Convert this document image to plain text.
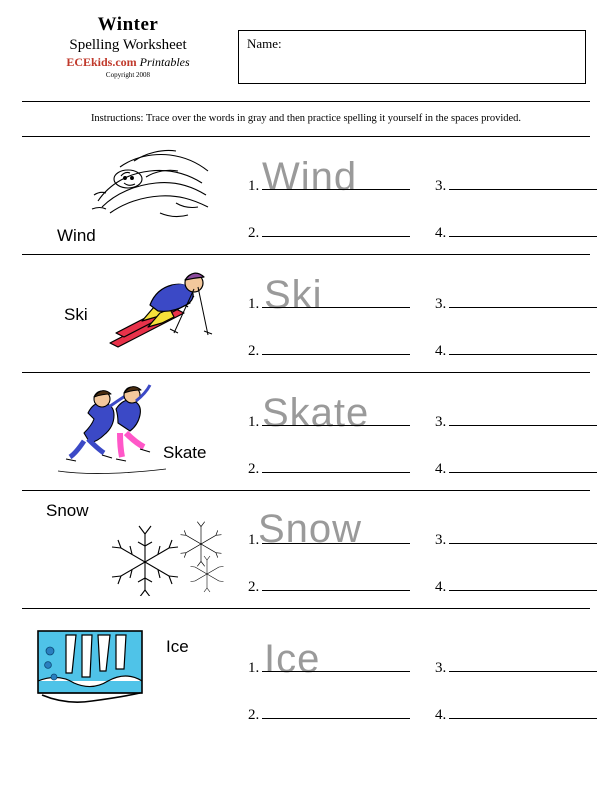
Winter
Spelling Worksheet
ECEkids.com Printables
Copyright 2008
Name:
Instructions: Trace over the words in gray and then practice spelling it yourself in the spaces provided.
Wind
Wind
1.
2.
3.
4.
Ski	Ski
1.
2.
3.
4.
Skate
Skate
1.
2.
3.
4.
Snow	Snow
1.
2.
3.
4.
Ice Ice
1.
2.
3.
4.
